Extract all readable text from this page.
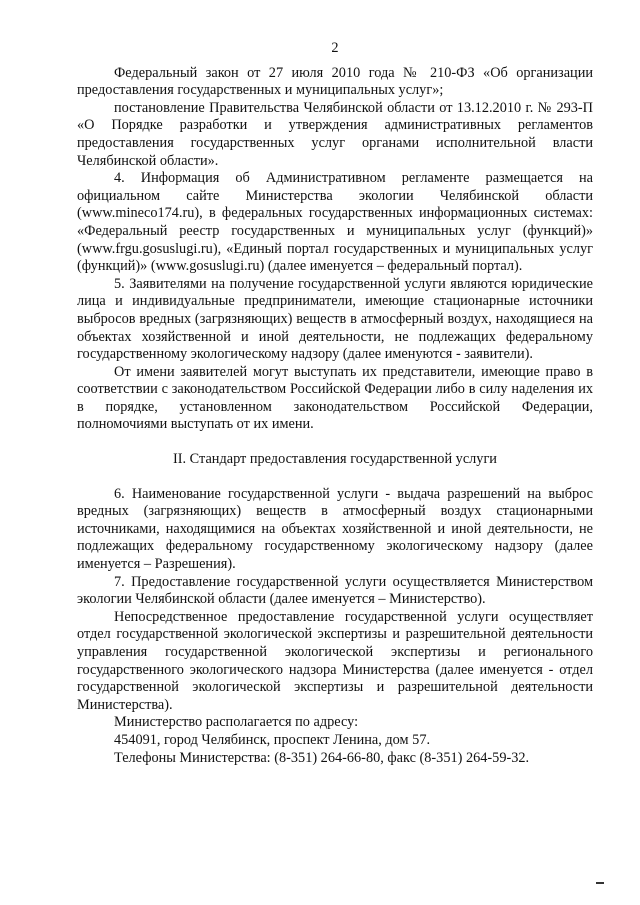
2

Федеральный закон от 27 июля 2010 года № 210-ФЗ «Об организации предоставления государственных и муниципальных услуг»;

постановление Правительства Челябинской области от 13.12.2010 г. № 293-П «О Порядке разработки и утверждения административных регламентов предоставления государственных услуг органами исполнительной власти Челябинской области».

4. Информация об Административном регламенте размещается на официальном сайте Министерства экологии Челябинской области (www.mineco174.ru), в федеральных государственных информационных системах: «Федеральный реестр государственных и муниципальных услуг (функций)» (www.frgu.gosuslugi.ru), «Единый портал государственных и муниципальных услуг (функций)» (www.gosuslugi.ru) (далее именуется – федеральный портал).

5. Заявителями на получение государственной услуги являются юридические лица и индивидуальные предприниматели, имеющие стационарные источники выбросов вредных (загрязняющих) веществ в атмосферный воздух, находящиеся на объектах хозяйственной и иной деятельности, не подлежащих федеральному государственному экологическому надзору (далее именуются - заявители).

От имени заявителей могут выступать их представители, имеющие право в соответствии с законодательством Российской Федерации либо в силу наделения их в порядке, установленном законодательством Российской Федерации, полномочиями выступать от их имени.

II. Стандарт предоставления государственной услуги

6. Наименование государственной услуги - выдача разрешений на выброс вредных (загрязняющих) веществ в атмосферный воздух стационарными источниками, находящимися на объектах хозяйственной и иной деятельности, не подлежащих федеральному государственному экологическому надзору (далее именуется – Разрешения).

7. Предоставление государственной услуги осуществляется Министерством экологии Челябинской области (далее именуется – Министерство).

Непосредственное предоставление государственной услуги осуществляет отдел государственной экологической экспертизы и разрешительной деятельности управления государственной экологической экспертизы и регионального государственного экологического надзора Министерства (далее именуется - отдел государственной экологической экспертизы и разрешительной деятельности Министерства).

Министерство располагается по адресу:

454091, город Челябинск, проспект Ленина, дом 57.

Телефоны Министерства: (8-351) 264-66-80, факс (8-351) 264-59-32.
